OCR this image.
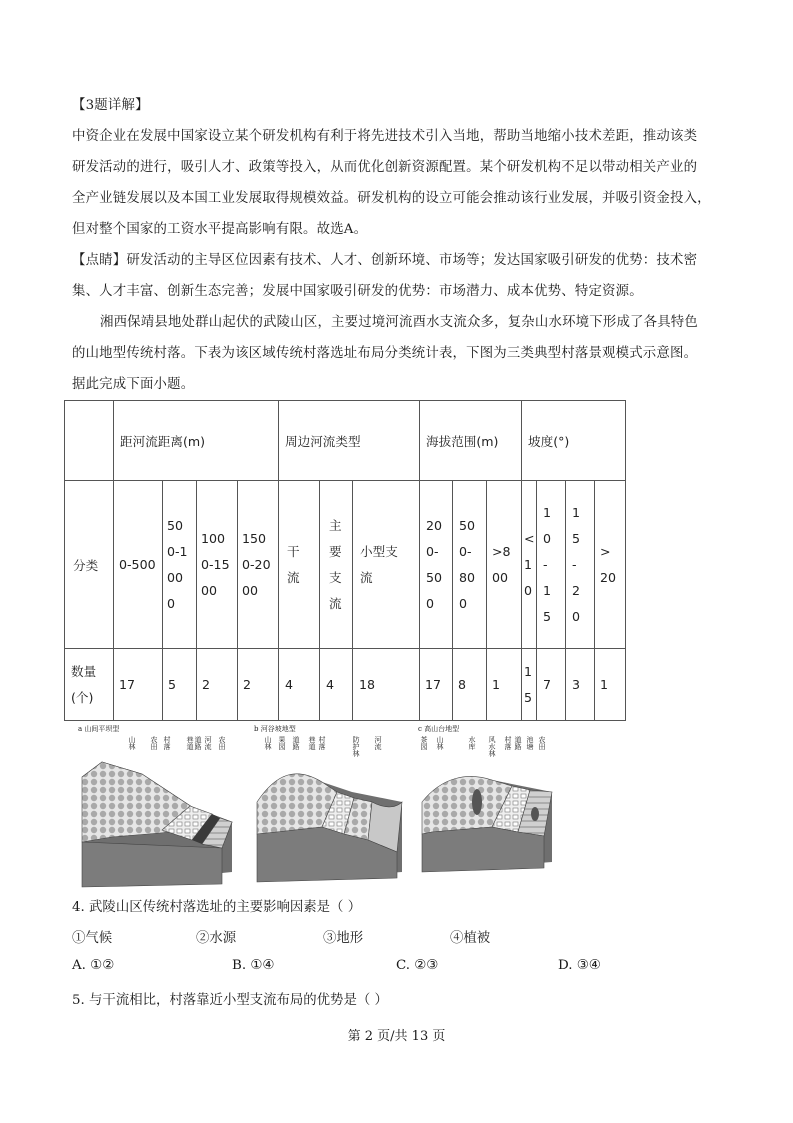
【3题详解】
中资企业在发展中国家设立某个研发机构有利于将先进技术引入当地，帮助当地缩小技术差距，推动该类
研发活动的进行，吸引人才、政策等投入，从而优化创新资源配置。某个研发机构不足以带动相关产业的
全产业链发展以及本国工业发展取得规模效益。研发机构的设立可能会推动该行业发展，并吸引资金投入，
但对整个国家的工资水平提高影响有限。故选A。
【点睛】研发活动的主导区位因素有技术、人才、创新环境、市场等；发达国家吸引研发的优势：技术密
集、人才丰富、创新生态完善；发展中国家吸引研发的优势：市场潜力、成本优势、特定资源。
湘西保靖县地处群山起伏的武陵山区，主要过境河流酉水支流众多，复杂山水环境下形成了各具特色
的山地型传统村落。下表为该区域传统村落选址布局分类统计表，下图为三类典型村落景观模式示意图。
据此完成下面小题。

距河流距离(m)				周边河流类型			海拔范围(m)			坡度(°)			

分类	0-500	500-1000	1000-1500	1500-2000	干流	主要支流	小型支流	200-500	500-800	>800	<10	10-15	15-20	>20

数量(个)	17	5	2	2	4	4	18	17	8	1	15	7	3	1
a 山间平坝型
山林 农田 村落 巷道 道路 河流 农田
b 河谷坡地型
山林 果园 道路 巷道 村落	防护林 河流
c 高山台地型
茶园 山林	水库 风水林 村落 道路 池塘 农田
4. 武陵山区传统村落选址的主要影响因素是（ ）
①气候	②水源	③地形	④植被
A. ①②	B. ①④	C. ②③	D. ③④
5. 与干流相比，村落靠近小型支流布局的优势是（ ）
第 2 页/共 13 页
